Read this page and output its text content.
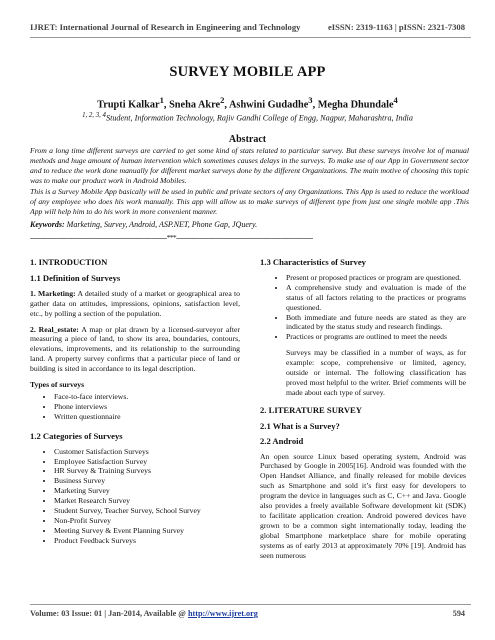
IJRET: International Journal of Research in Engineering and Technology	eISSN: 2319-1163 | pISSN: 2321-7308
SURVEY MOBILE APP
Trupti Kalkar$^1$, Sneha Akre$^2$, Ashwini Gudadhe$^3$, Megha Dhundale$^4$
$^{1, 2, 3, 4}$Student, Information Technology, Rajiv Gandhi College of Engg, Nagpur, Maharashtra, India
Abstract

From a long time different surveys are carried to get some kind of stats related to particular survey. But these surveys involve lot of manual methods and huge amount of human intervention which sometimes causes delays in the surveys. To make use of our App in Government sector and to reduce the work done manually for different market surveys done by the different Organizations. The main motive of choosing this topic was to make our product work in Android Mobiles.

This is a Survey Mobile App basically will be used in public and private sectors of any Organizations. This App is used to reduce the workload of any employee who does his work manually. This app will allow us to make surveys of different type from just one single mobile app .This App will help him to do his work in more convenient manner.

Keywords: Marketing, Survey, Android, ASP.NET, Phone Gap, JQuery.
------------------------------------------------------------------------***------------------------------------------------------------------------
1. INTRODUCTION
1.1 Definition of Surveys

1. Marketing: A detailed study of a market or geographical area to gather data on attitudes, impressions, opinions, satisfaction level, etc., by polling a section of the population.

2. Real_estate: A map or plat drawn by a licensed-surveyor after measuring a piece of land, to show its area, boundaries, contours, elevations, improvements, and its relationship to the surrounding land. A property survey confirms that a particular piece of land or building is sited in accordance to its legal description.

Types of surveys
• Face-to-face interviews.
• Phone interviews
• Written questionnaire
1.2 Categories of Surveys
• Customer Satisfaction Surveys
• Employee Satisfaction Survey
• HR Survey & Training Surveys
• Business Survey
• Marketing Survey
• Market Research Survey
• Student Survey, Teacher Survey, School Survey
• Non-Profit Survey
• Meeting Survey & Event Planning Survey
• Product Feedback Surveys
1.3 Characteristics of Survey
• Present or proposed practices or program are questioned.
• A comprehensive study and evaluation is made of the status of all factors relating to the practices or programs questioned.
• Both immediate and future needs are stated as they are indicated by the status study and research findings.
• Practices or programs are outlined to meet the needs

Surveys may be classified in a number of ways, as for example: scope, comprehensive or limited, agency, outside or internal. The following classification has proved most helpful to the writer. Brief comments will be made about each type of survey.

2. LITERATURE SURVEY
2.1 What is a Survey?
2.2 Android

An open source Linux based operating system, Android was Purchased by Google in 2005[16]. Android was founded with the Open Handset Alliance, and finally released for mobile devices such as Smartphone and sold it’s first easy for developers to program the device in languages such as C, C++ and Java. Google also provides a freely available Software development kit (SDK) to facilitate application creation. Android powered devices have grown to be a common sight internationally today, leading the global Smartphone marketplace share for mobile operating systems as of early 2013 at approximately 70% [19]. Android has seen numerous

Volume: 03 Issue: 01 | Jan-2014, Available @ http://www.ijret.org	594
